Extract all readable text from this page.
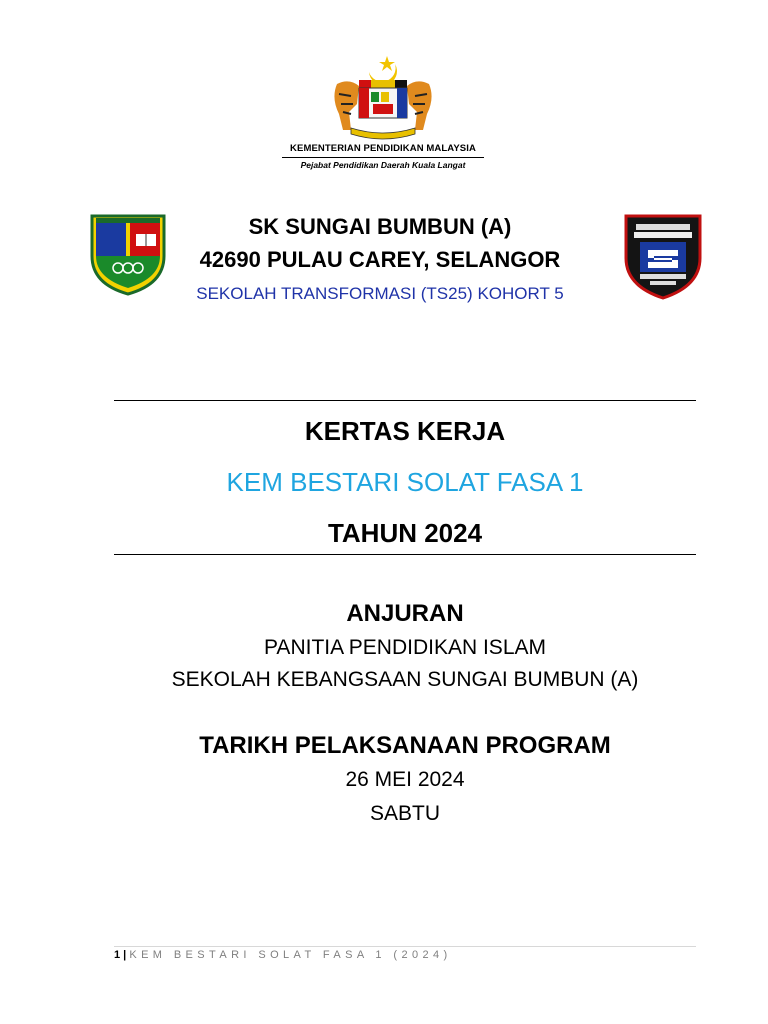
KEMENTERIAN PENDIDIKAN MALAYSIA
Pejabat Pendidikan Daerah Kuala Langat
SK SUNGAI BUMBUN (A)
42690 PULAU CAREY, SELANGOR
SEKOLAH TRANSFORMASI (TS25) KOHORT 5
KERTAS KERJA
KEM BESTARI SOLAT FASA 1
TAHUN 2024
ANJURAN
PANITIA PENDIDIKAN ISLAM
SEKOLAH KEBANGSAAN SUNGAI BUMBUN (A)
TARIKH PELAKSANAAN PROGRAM
26 MEI 2024
SABTU
1 | KEM BESTARI SOLAT FASA 1 (2024)
